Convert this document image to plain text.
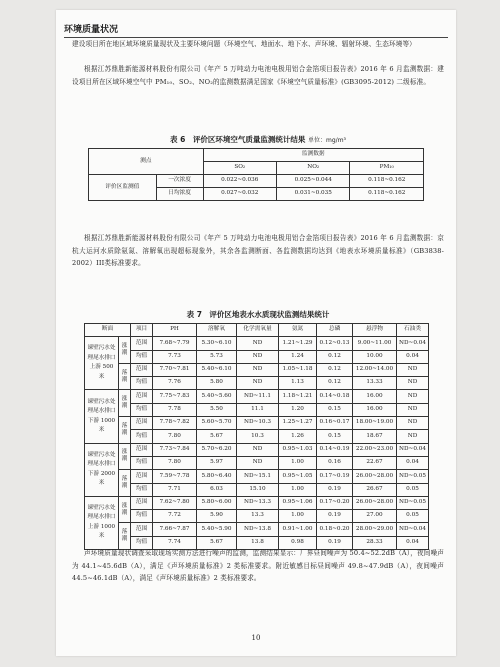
环境质量状况
建设项目所在地区域环境质量现状及主要环境问题（环境空气、地面水、地下水、声环境、辐射环境、生态环境等）
根据江苏鼎胜新能源材料股份有限公司《年产 5 万吨动力电池电极用铝合金箔项目报告表》2016 年 6 月监测数据：建设项目所在区域环境空气中 PM₁₀、SO₂、NO₂的监测数据满足国家《环境空气质量标准》(GB3095-2012) 二级标准。
表 6　评价区环境空气质量监测统计结果 单位：mg/m³
测点		监测数据		
		SO₂	NO₂	PM₁₀
评价区监测值	一次浓度	0.022~0.036	0.025~0.044	0.118~0.162
	日均浓度	0.027~0.032	0.031~0.035	0.118~0.162
根据江苏鼎胜新能源材料股份有限公司《年产 5 万吨动力电池电极用铝合金箔项目报告表》2016 年 6 月监测数据：京杭大运河水质除氨氮、溶解氧出现超标现象外，其余各监测断面、各监测数据均达到《地表水环境质量标准》（GB3838-2002）III类标准要求。
表 7　评价区地表水水质现状监测结果统计
断面		项目	PH	溶解氧	化学需氧量	氨氮	总磷	悬浮物	石油类
谏壁污水处理尾水排口上游 500 米	涨潮	范围	7.68~7.79	5.30~6.10	ND	1.21~1.29	0.12~0.13	9.00~11.00	ND~0.04
		均值	7.73	5.73	ND	1.24	0.12	10.00	0.04
	落潮	范围	7.70~7.81	5.40~6.10	ND	1.05~1.18	0.12	12.00~14.00	ND
		均值	7.76	5.80	ND	1.13	0.12	13.33	ND
谏壁污水处理尾水排口下游 1000 米	涨潮	范围	7.75~7.83	5.40~5.60	ND~11.1	1.18~1.21	0.14~0.18	16.00	ND
		均值	7.78	5.50	11.1	1.20	0.15	16.00	ND
	落潮	范围	7.78~7.82	5.60~5.70	ND~10.3	1.25~1.27	0.16~0.17	18.00~19.00	ND
		均值	7.80	5.67	10.3	1.26	0.15	18.67	ND
谏壁污水处理尾水排口下游 2000 米	涨潮	范围	7.73~7.84	5.70~6.20	ND	0.95~1.03	0.14~0.19	22.00~23.00	ND~0.04
		均值	7.80	5.97	ND	1.00	0.16	22.67	0.04
	落潮	范围	7.59~7.78	5.80~6.40	ND~15.1	0.95~1.05	0.17~0.19	26.00~28.00	ND~0.05
		均值	7.71	6.03	15.10	1.00	0.19	26.67	0.05
谏壁污水处理尾水排口上游 1000 米	涨潮	范围	7.62~7.80	5.80~6.00	ND~13.3	0.95~1.06	0.17~0.20	26.00~28.00	ND~0.05
		均值	7.72	5.90	13.3	1.00	0.19	27.00	0.05
	落潮	范围	7.66~7.87	5.40~5.90	ND~13.8	0.91~1.00	0.18~0.20	28.00~29.00	ND~0.04
		均值	7.74	5.67	13.8	0.98	0.19	28.33	0.04
声环境质量现状调查采取现场实测方法进行噪声的监测，监测结果显示：厂界昼间噪声为 50.4~52.2dB（A），夜间噪声为 44.1~45.6dB（A），满足《声环境质量标准》2 类标准要求。附近敏感目标昼间噪声 49.8~47.9dB（A），夜间噪声 44.5~46.1dB（A），满足《声环境质量标准》2 类标准要求。
10
